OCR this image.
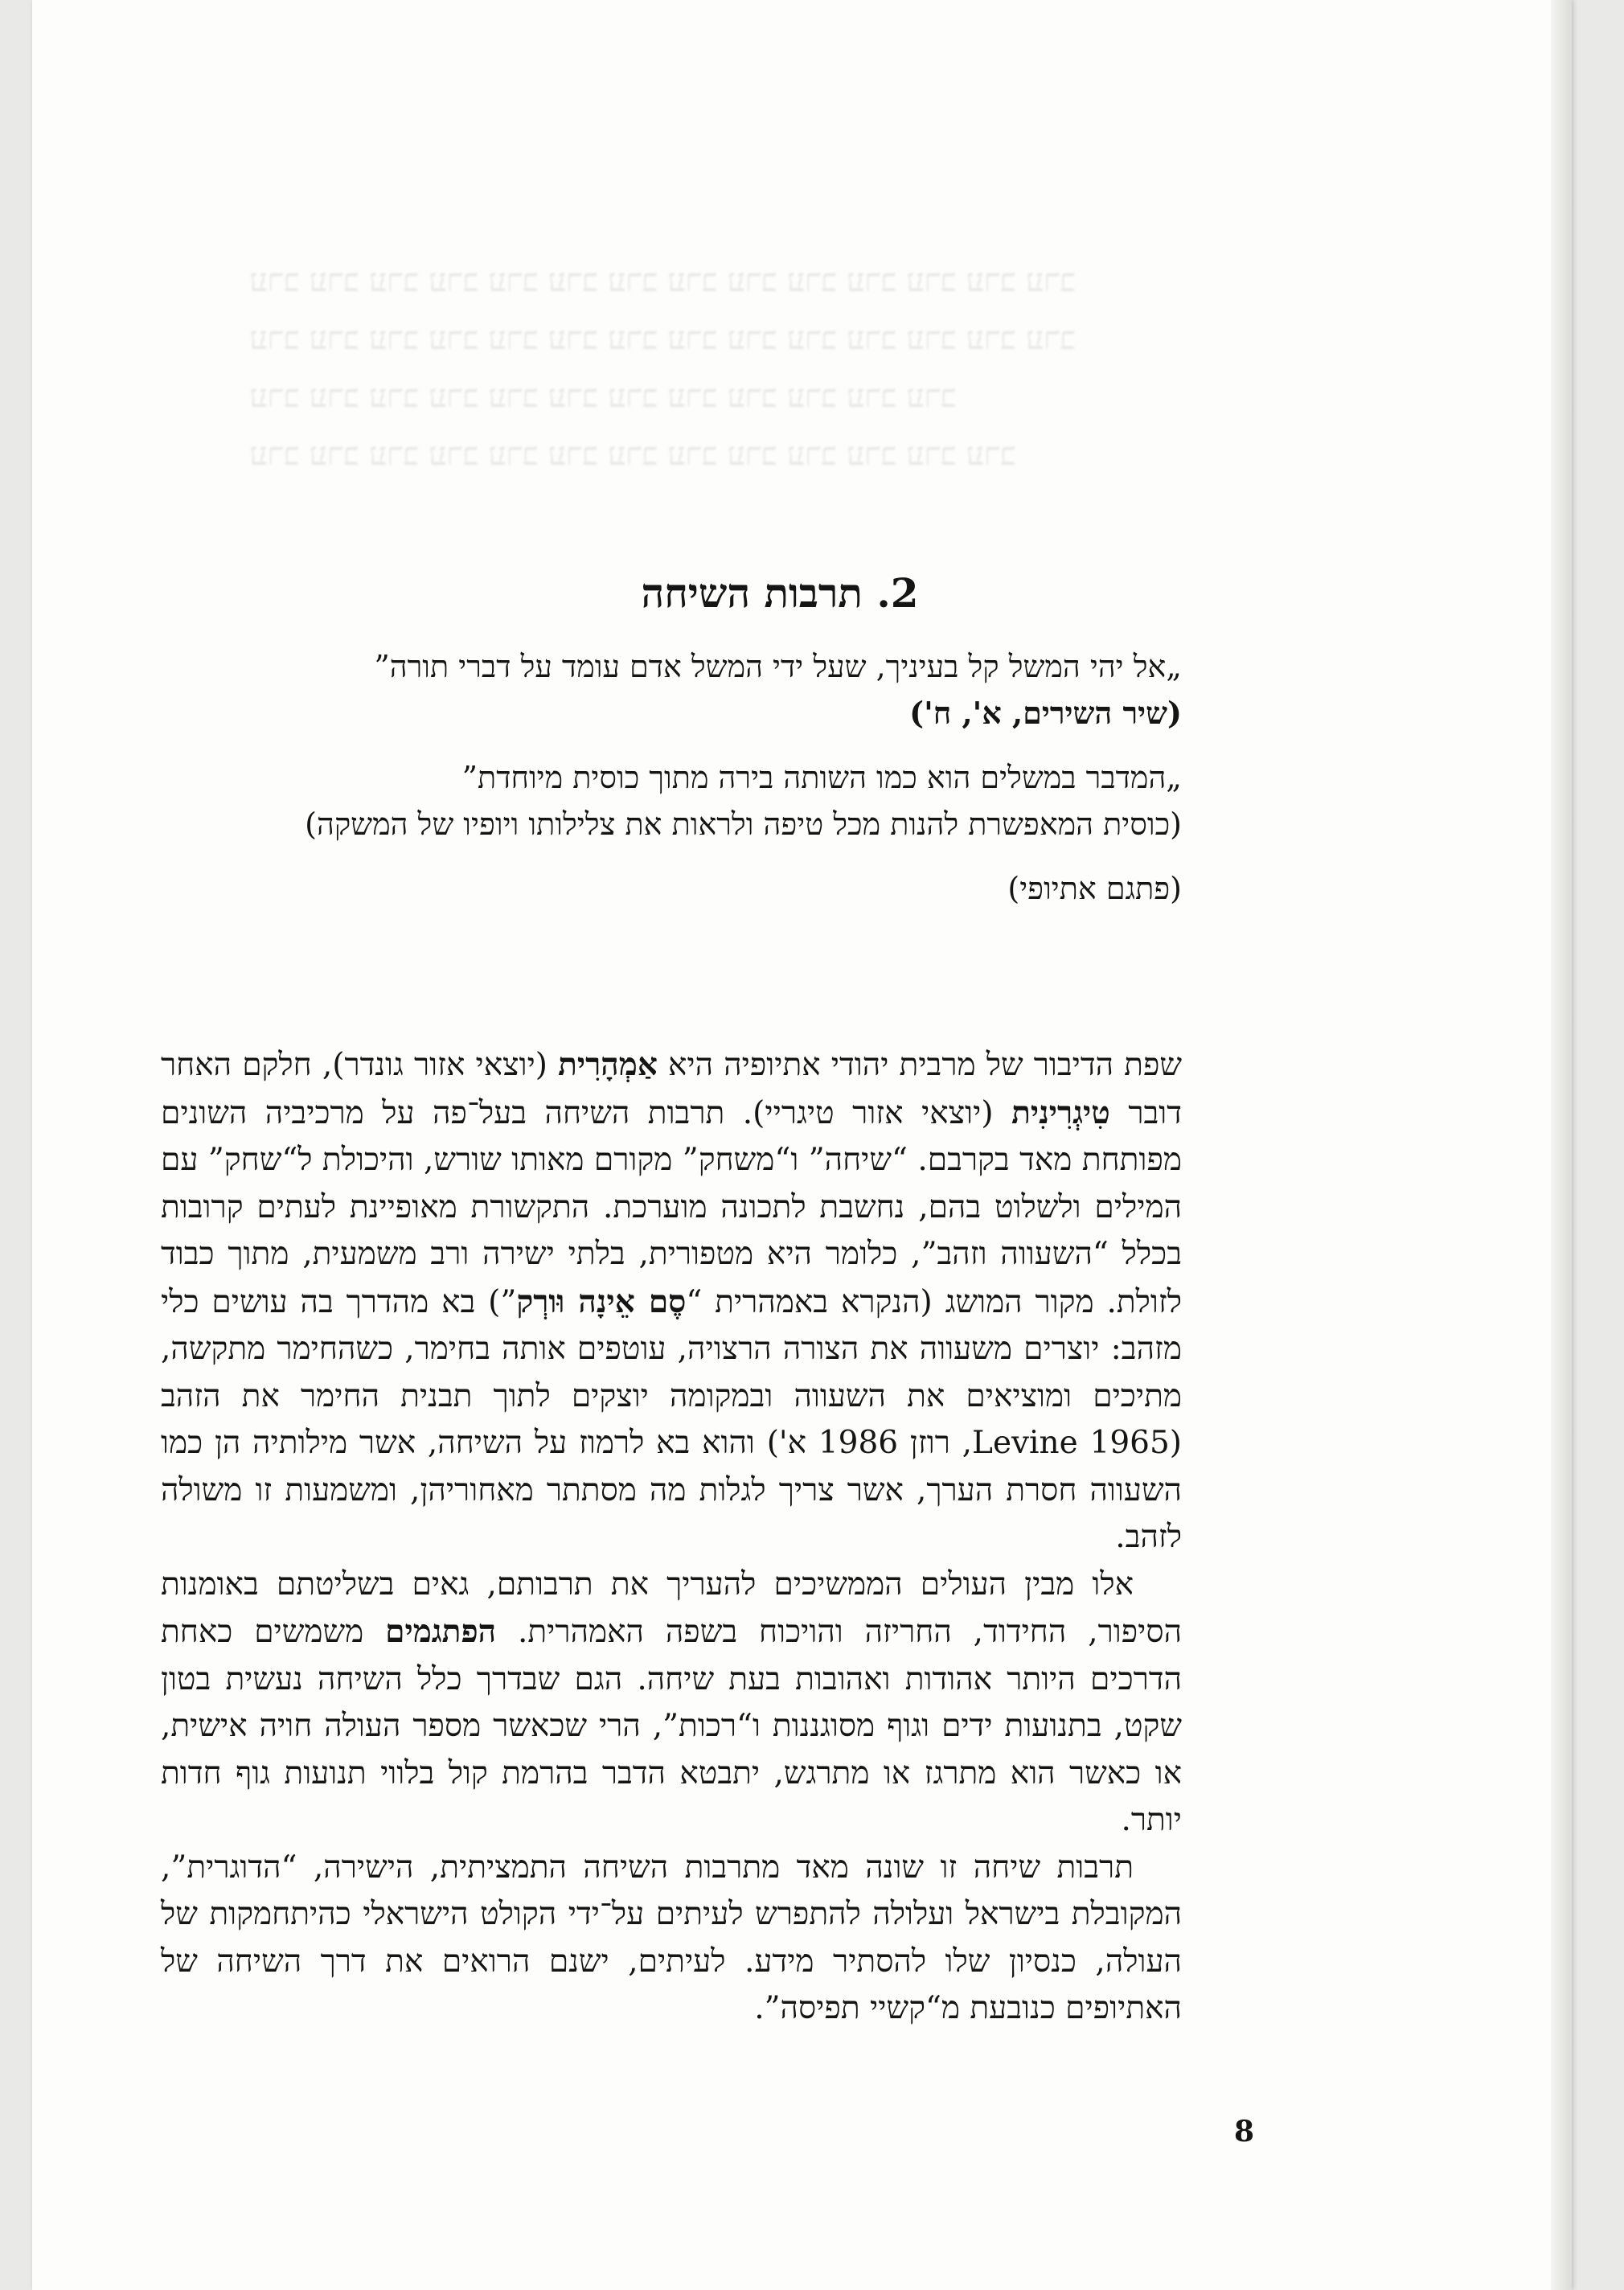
ערב ערב ערב ערב ערב ערב ערב ערב ערב ערב ערב ערב ערב ערב

ערב ערב ערב ערב ערב ערב ערב ערב ערב ערב ערב ערב ערב ערב

ערב ערב ערב ערב ערב ערב ערב ערב ערב ערב ערב ערב

ערב ערב ערב ערב ערב ערב ערב ערב ערב ערב ערב ערב ערב

2. תרבות השיחה
„אל יהי המשל קל בעיניך, שעל ידי המשל אדם עומד על דברי תורה”
(שיר השירים, א', ח')
„המדבר במשלים הוא כמו השותה בירה מתוך כוסית מיוחדת”
(כוסית המאפשרת להנות מכל טיפה ולראות את צלילותו ויופיו של המשקה)
(פתגם אתיופי)

שפת הדיבור של מרבית יהודי אתיופיה היא אַמְהָרִית (יוצאי אזור גונדר), חלקם האחר דובר טִיגְרִינִית (יוצאי אזור טיגריי). תרבות השיחה בעל־פה על מרכיביה השונים מפותחת מאד בקרבם. “שיחה” ו“משחק” מקורם מאותו שורש, והיכולת ל“שחק” עם המילים ולשלוט בהם, נחשבת לתכונה מוערכת. התקשורת מאופיינת לעתים קרובות בכלל “השעווה וזהב”, כלומר היא מטפורית, בלתי ישירה ורב משמעית, מתוך כבוד לזולת. מקור המושג (הנקרא באמהרית “סֶם אֵינָה וּורְק”) בא מהדרך בה עושים כלי מזהב: יוצרים משעווה את הצורה הרצויה, עוטפים אותה בחימר, כשהחימר מתקשה, מתיכים ומוציאים את השעווה ובמקומה יוצקים לתוך תבנית החימר את הזהב (Levine 1965, רוזן 1986 א') והוא בא לרמוז על השיחה, אשר מילותיה הן כמו השעווה חסרת הערך, אשר צריך לגלות מה מסתתר מאחוריהן, ומשמעות זו משולה לזהב.

אלו מבין העולים הממשיכים להעריך את תרבותם, גאים בשליטתם באומנות הסיפור, החידוד, החריזה והויכוח בשפה האמהרית. הפתגמים משמשים כאחת הדרכים היותר אהודות ואהובות בעת שיחה. הגם שבדרך כלל השיחה נעשית בטון שקט, בתנועות ידים וגוף מסוגננות ו“רכות”, הרי שכאשר מספר העולה חויה אישית, או כאשר הוא מתרגז או מתרגש, יתבטא הדבר בהרמת קול בלווי תנועות גוף חדות יותר.

תרבות שיחה זו שונה מאד מתרבות השיחה התמציתית, הישירה, “הדוגרית”, המקובלת בישראל ועלולה להתפרש לעיתים על־ידי הקולט הישראלי כהיתחמקות של העולה, כנסיון שלו להסתיר מידע. לעיתים, ישנם הרואים את דרך השיחה של האתיופים כנובעת מ“קשיי תפיסה”.

8
